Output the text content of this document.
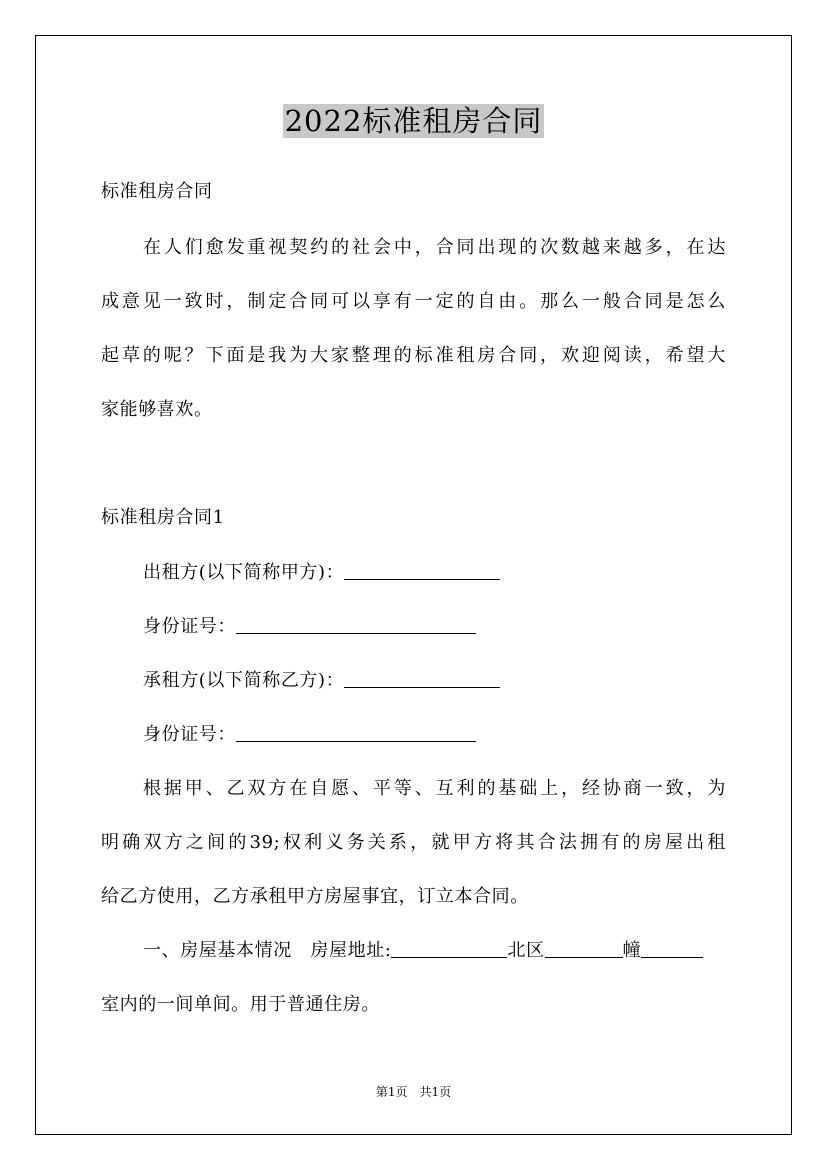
2022标准租房合同
标准租房合同
在人们愈发重视契约的社会中，合同出现的次数越来越多，在达
成意见一致时，制定合同可以享有一定的自由。那么一般合同是怎么
起草的呢？下面是我为大家整理的标准租房合同，欢迎阅读，希望大
家能够喜欢。
标准租房合同1
出租方(以下简称甲方)：
身份证号：
承租方(以下简称乙方)：
身份证号：
根据甲、乙双方在自愿、平等、互利的基础上，经协商一致，为
明确双方之间的39;权利义务关系，就甲方将其合法拥有的房屋出租
给乙方使用，乙方承租甲方房屋事宜，订立本合同。
一、房屋基本情况　房屋地址:	北区	幢
室内的一间单间。用于普通住房。
第1页　共1页
